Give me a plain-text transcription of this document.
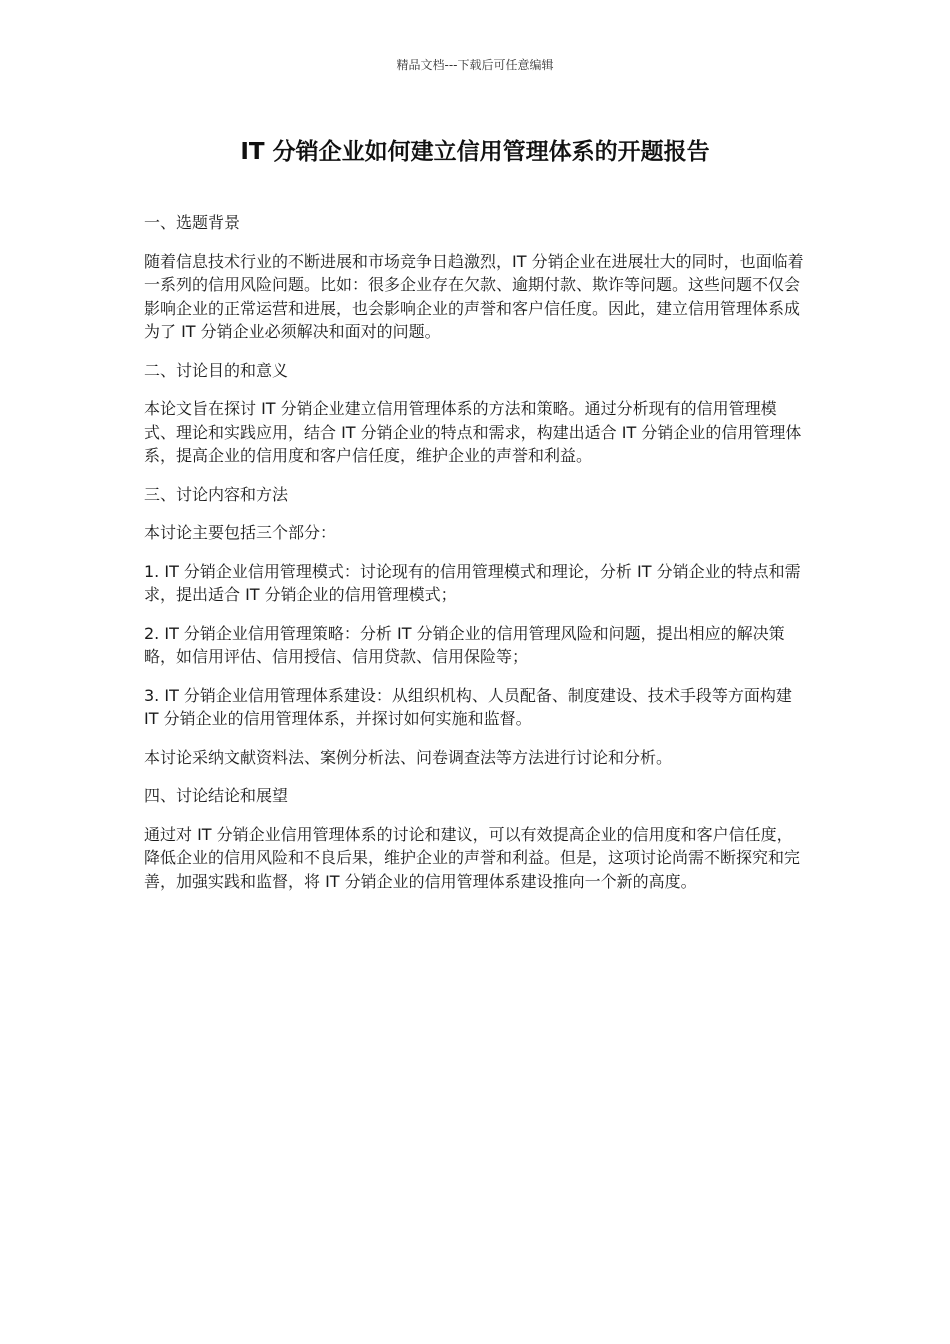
精品文档---下载后可任意编辑
IT 分销企业如何建立信用管理体系的开题报告

一、选题背景

随着信息技术行业的不断进展和市场竞争日趋激烈，IT 分销企业在进展壮大的同时，也面临着一系列的信用风险问题。比如：很多企业存在欠款、逾期付款、欺诈等问题。这些问题不仅会影响企业的正常运营和进展，也会影响企业的声誉和客户信任度。因此，建立信用管理体系成为了 IT 分销企业必须解决和面对的问题。

二、讨论目的和意义

本论文旨在探讨 IT 分销企业建立信用管理体系的方法和策略。通过分析现有的信用管理模式、理论和实践应用，结合 IT 分销企业的特点和需求，构建出适合 IT 分销企业的信用管理体系，提高企业的信用度和客户信任度，维护企业的声誉和利益。

三、讨论内容和方法

本讨论主要包括三个部分：

1. IT 分销企业信用管理模式：讨论现有的信用管理模式和理论，分析 IT 分销企业的特点和需求，提出适合 IT 分销企业的信用管理模式；

2. IT 分销企业信用管理策略：分析 IT 分销企业的信用管理风险和问题，提出相应的解决策略，如信用评估、信用授信、信用贷款、信用保险等；

3. IT 分销企业信用管理体系建设：从组织机构、人员配备、制度建设、技术手段等方面构建 IT 分销企业的信用管理体系，并探讨如何实施和监督。

本讨论采纳文献资料法、案例分析法、问卷调查法等方法进行讨论和分析。

四、讨论结论和展望

通过对 IT 分销企业信用管理体系的讨论和建议，可以有效提高企业的信用度和客户信任度，降低企业的信用风险和不良后果，维护企业的声誉和利益。但是，这项讨论尚需不断探究和完善，加强实践和监督，将 IT 分销企业的信用管理体系建设推向一个新的高度。
